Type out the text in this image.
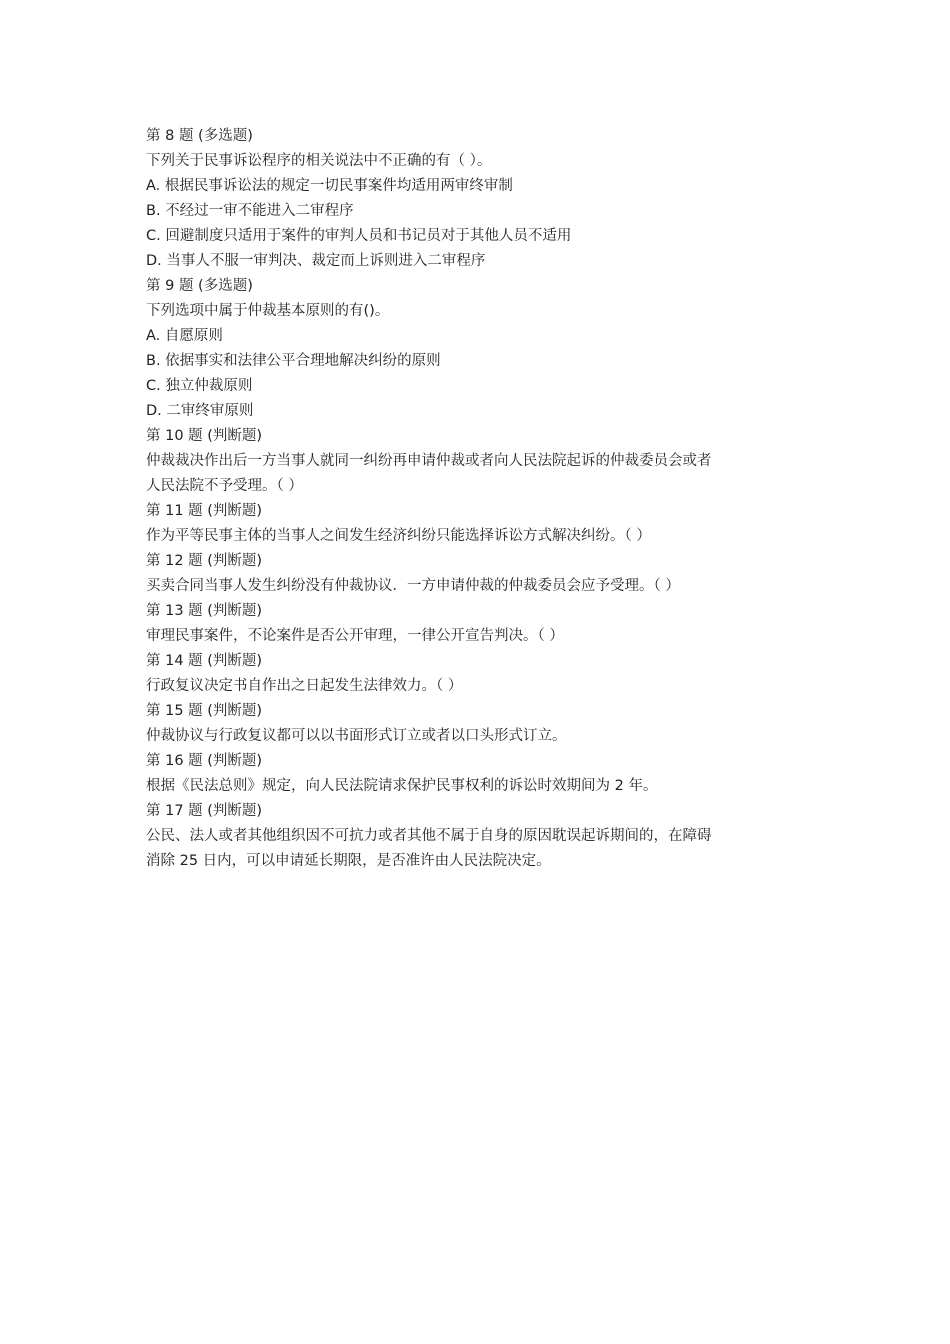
第 8 题 (多选题)
下列关于民事诉讼程序的相关说法中不正确的有（ ）。
A. 根据民事诉讼法的规定一切民事案件均适用两审终审制
B. 不经过一审不能进入二审程序
C. 回避制度只适用于案件的审判人员和书记员对于其他人员不适用
D. 当事人不服一审判决、裁定而上诉则进入二审程序
第 9 题 (多选题)
下列选项中属于仲裁基本原则的有()。
A. 自愿原则
B. 依据事实和法律公平合理地解决纠纷的原则
C. 独立仲裁原则
D. 二审终审原则
第 10 题 (判断题)
仲裁裁决作出后一方当事人就同一纠纷再申请仲裁或者向人民法院起诉的仲裁委员会或者
人民法院不予受理。（ ）
第 11 题 (判断题)
作为平等民事主体的当事人之间发生经济纠纷只能选择诉讼方式解决纠纷。（ ）
第 12 题 (判断题)
买卖合同当事人发生纠纷没有仲裁协议．一方申请仲裁的仲裁委员会应予受理。（ ）
第 13 题 (判断题)
审理民事案件，不论案件是否公开审理，一律公开宣告判决。（ ）
第 14 题 (判断题)
行政复议决定书自作出之日起发生法律效力。（ ）
第 15 题 (判断题)
仲裁协议与行政复议都可以以书面形式订立或者以口头形式订立。
第 16 题 (判断题)
根据《民法总则》规定，向人民法院请求保护民事权利的诉讼时效期间为 2 年。
第 17 题 (判断题)
公民、法人或者其他组织因不可抗力或者其他不属于自身的原因耽误起诉期间的，在障碍
消除 25 日内，可以申请延长期限，是否准许由人民法院决定。
